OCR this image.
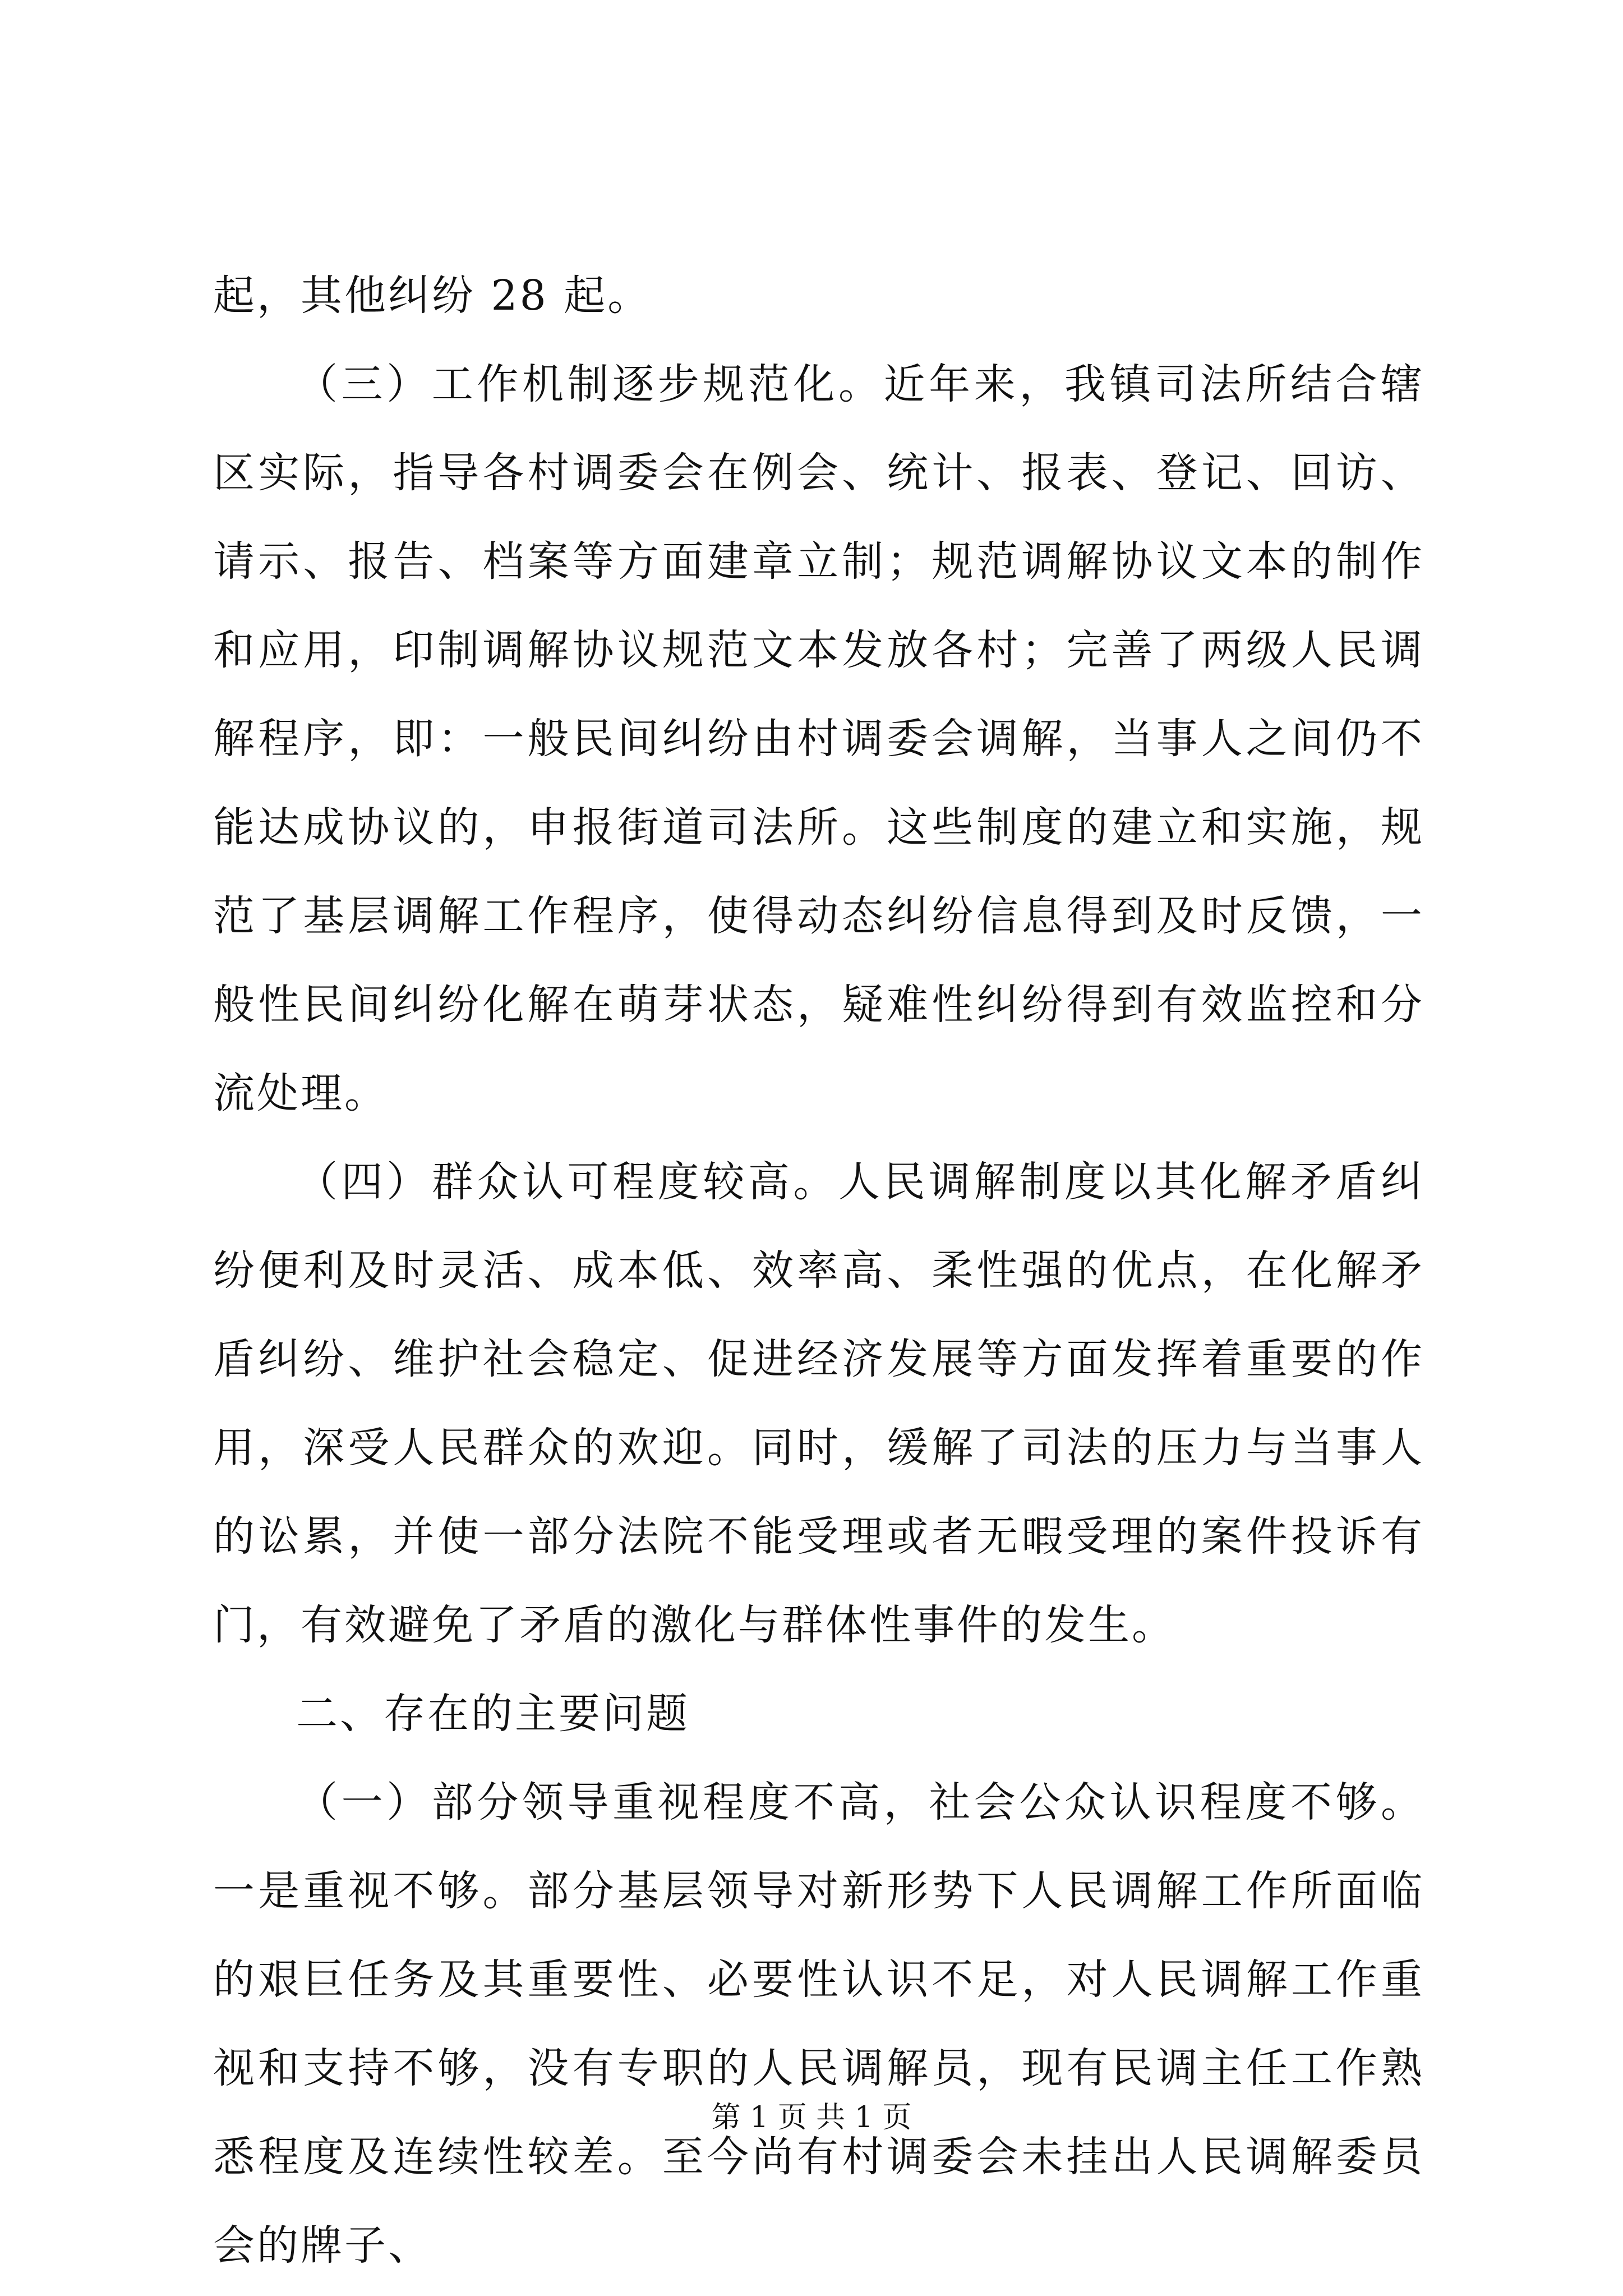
起，其他纠纷 28 起。

（三）工作机制逐步规范化。近年来，我镇司法所结合辖区实际，指导各村调委会在例会、统计、报表、登记、回访、请示、报告、档案等方面建章立制；规范调解协议文本的制作和应用，印制调解协议规范文本发放各村；完善了两级人民调解程序，即：一般民间纠纷由村调委会调解，当事人之间仍不能达成协议的，申报街道司法所。这些制度的建立和实施，规范了基层调解工作程序，使得动态纠纷信息得到及时反馈，一般性民间纠纷化解在萌芽状态，疑难性纠纷得到有效监控和分流处理。

（四）群众认可程度较高。人民调解制度以其化解矛盾纠纷便利及时灵活、成本低、效率高、柔性强的优点，在化解矛盾纠纷、维护社会稳定、促进经济发展等方面发挥着重要的作用，深受人民群众的欢迎。同时，缓解了司法的压力与当事人的讼累，并使一部分法院不能受理或者无暇受理的案件投诉有门，有效避免了矛盾的激化与群体性事件的发生。

二、存在的主要问题

（一）部分领导重视程度不高，社会公众认识程度不够。一是重视不够。部分基层领导对新形势下人民调解工作所面临的艰巨任务及其重要性、必要性认识不足，对人民调解工作重视和支持不够，没有专职的人民调解员，现有民调主任工作熟悉程度及连续性较差。至今尚有村调委会未挂出人民调解委员会的牌子、

第 1 页 共 1 页
